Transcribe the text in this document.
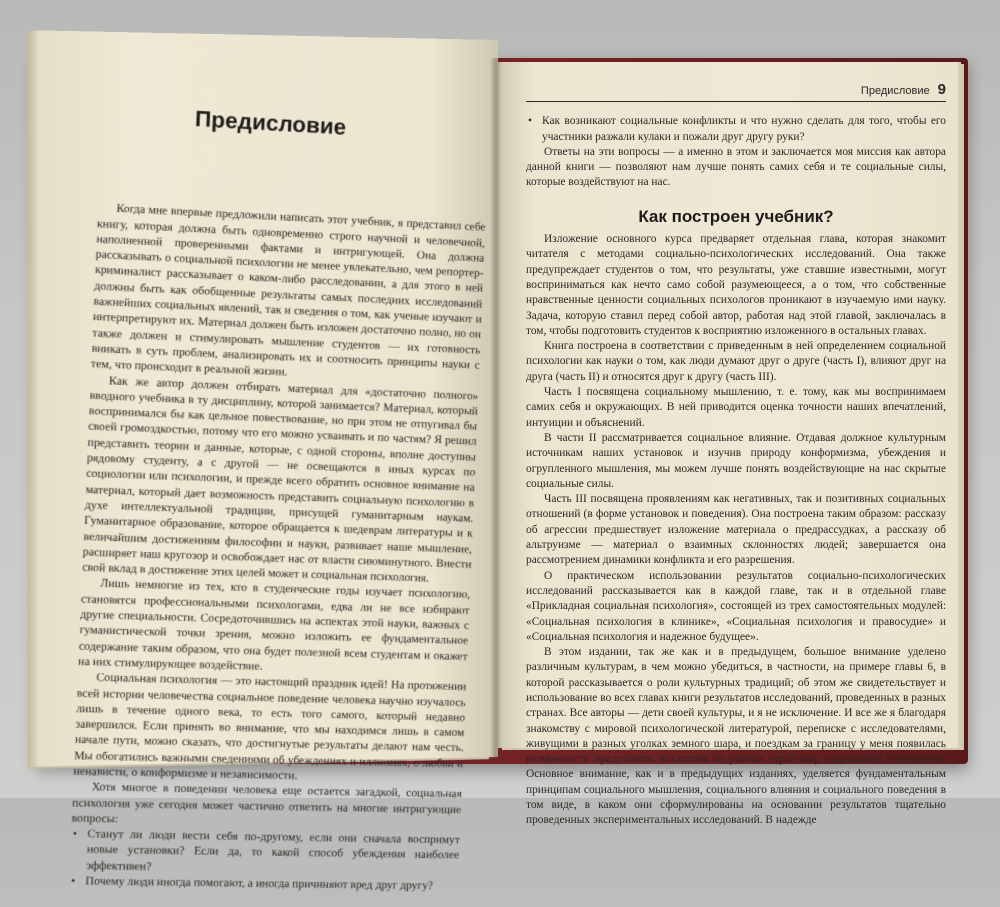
Предисловие

Когда мне впервые предложили написать этот учебник, я представил себе книгу, которая должна быть одновременно строго научной и человечной, наполненной проверенными фактами и интригующей. Она должна рассказывать о социальной психологии не менее увлекательно, чем репортер-криминалист рассказывает о каком-либо расследовании, а для этого в ней должны быть как обобщенные результаты самых последних исследований важнейших социальных явлений, так и сведения о том, как ученые изучают и интерпретируют их. Материал должен быть изложен достаточно полно, но он также должен и стимулировать мышление студентов — их готовность вникать в суть проблем, анализировать их и соотносить принципы науки с тем, что происходит в реальной жизни.

Как же автор должен отбирать материал для «достаточно полного» вводного учебника в ту дисциплину, которой занимается? Материал, который воспринимался бы как цельное повествование, но при этом не отпугивал бы своей громоздкостью, потому что его можно усваивать и по частям? Я решил представить теории и данные, которые, с одной стороны, вполне доступны рядовому студенту, а с другой — не освещаются в иных курсах по социологии или психологии, и прежде всего обратить основное внимание на материал, который дает возможность представить социальную психологию в духе интеллектуальной традиции, присущей гуманитарным наукам. Гуманитарное образование, которое обращается к шедеврам литературы и к величайшим достижениям философии и науки, развивает наше мышление, расширяет наш кругозор и освобождает нас от власти сиюминутного. Внести свой вклад в достижение этих целей может и социальная психология.

Лишь немногие из тех, кто в студенческие годы изучает психологию, становятся профессиональными психологами, едва ли не все избирают другие специальности. Сосредоточившись на аспектах этой науки, важных с гуманистической точки зрения, можно изложить ее фундаментальное содержание таким образом, что она будет полезной всем студентам и окажет на них стимулирующее воздействие.

Социальная психология — это настоящий праздник идей! На протяжении всей истории человечества социальное поведение человека научно изучалось лишь в течение одного века, то есть того самого, который недавно завершился. Если принять во внимание, что мы находимся лишь в самом начале пути, можно сказать, что достигнутые результаты делают нам честь. Мы обогатились важными сведениями об убеждениях и иллюзиях, о любви и ненависти, о конформизме и независимости.

Хотя многое в поведении человека еще остается загадкой, социальная психология уже сегодня может частично ответить на многие интригующие вопросы:

• Станут ли люди вести себя по-другому, если они сначала воспримут новые установки? Если да, то какой способ убеждения наиболее эффективен?

• Почему люди иногда помогают, а иногда причиняют вред друг другу?

Предисловие 9

• Как возникают социальные конфликты и что нужно сделать для того, чтобы его участники разжали кулаки и пожали друг другу руки?

Ответы на эти вопросы — а именно в этом и заключается моя миссия как автора данной книги — позволяют нам лучше понять самих себя и те социальные силы, которые воздействуют на нас.

Как построен учебник?

Изложение основного курса предваряет отдельная глава, которая знакомит читателя с методами социально-психологических исследований. Она также предупреждает студентов о том, что результаты, уже ставшие известными, могут восприниматься как нечто само собой разумеющееся, а о том, что собственные нравственные ценности социальных психологов проникают в изучаемую ими науку. Задача, которую ставил перед собой автор, работая над этой главой, заключалась в том, чтобы подготовить студентов к восприятию изложенного в остальных главах.

Книга построена в соответствии с приведенным в ней определением социальной психологии как науки о том, как люди думают друг о друге (часть I), влияют друг на друга (часть II) и относятся друг к другу (часть III).

Часть I посвящена социальному мышлению, т. е. тому, как мы воспринимаем самих себя и окружающих. В ней приводится оценка точности наших впечатлений, интуиции и объяснений.

В части II рассматривается социальное влияние. Отдавая должное культурным источникам наших установок и изучив природу конформизма, убеждения и огрупленного мышления, мы можем лучше понять воздействующие на нас скрытые социальные силы.

Часть III посвящена проявлениям как негативных, так и позитивных социальных отношений (в форме установок и поведения). Она построена таким образом: рассказу об агрессии предшествует изложение материала о предрассудках, а рассказу об альтруизме — материал о взаимных склонностях людей; завершается она рассмотрением динамики конфликта и его разрешения.

О практическом использовании результатов социально-психологических исследований рассказывается как в каждой главе, так и в отдельной главе «Прикладная социальная психология», состоящей из трех самостоятельных модулей: «Социальная психология в клинике», «Социальная психология и правосудие» и «Социальная психология и надежное будущее».

В этом издании, так же как и в предыдущем, большое внимание уделено различным культурам, в чем можно убедиться, в частности, на примере главы 6, в которой рассказывается о роли культурных традиций; об этом же свидетельствует и использование во всех главах книги результатов исследований, проведенных в разных странах. Все авторы — дети своей культуры, и я не исключение. И все же я благодаря знакомству с мировой психологической литературой, переписке с исследователями, живущими в разных уголках земного шара, и поездкам за границу у меня появилась возможность представить читателям из разных стран мир социальной психологии. Основное внимание, как и в предыдущих изданиях, уделяется фундаментальным принципам социального мышления, социального влияния и социального поведения в том виде, в каком они сформулированы на основании результатов тщательно проведенных экспериментальных исследований. В надежде
